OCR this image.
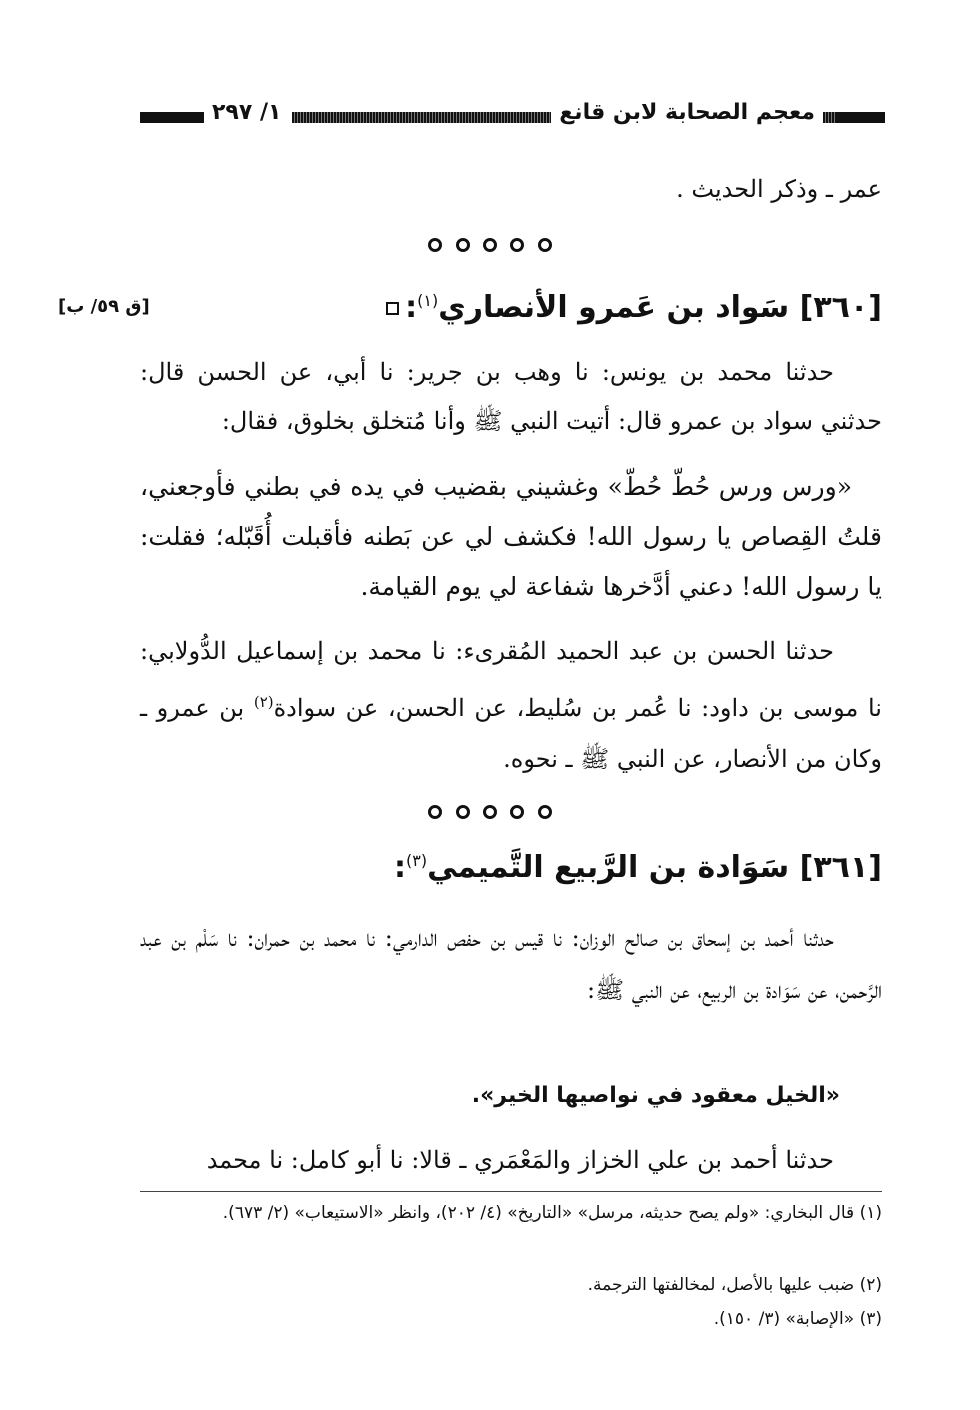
معجم الصحابة لابن قانع
١/ ٢٩٧
عمر ـ وذكر الحديث .

[٣٦٠] سَواد بن عَمرو الأنصاري$^{(١)}$:
[ق ٥٩/ ب]
حدثنا محمد بن يونس: نا وهب بن جرير: نا أبي، عن الحسن قال: حدثني سواد بن عمرو قال: أتيت النبي ﷺ وأنا مُتخلق بخلوق، فقال:
«ورس ورس حُطّ حُطّ» وغشيني بقضيب في يده في بطني فأوجعني، قلتُ القِصاص يا رسول الله! فكشف لي عن بَطنه فأقبلت أُقَبّله؛ فقلت: يا رسول الله! دعني أدَّخرها شفاعة لي يوم القيامة.
حدثنا الحسن بن عبد الحميد المُقرىء: نا محمد بن إسماعيل الدُّولابي: نا موسى بن داود: نا عُمر بن سُليط، عن الحسن، عن سوادة$^{(٢)}$ بن عمرو ـ وكان من الأنصار، عن النبي ﷺ ـ نحوه.

[٣٦١] سَوَادة بن الرَّبيع التَّميمي$^{(٣)}$:
حدثنا أحمد بن إسحاق بن صالح الوزان: نا قيس بن حفص الدارمي: نا محمد بن حمران: نا سَلْم بن عبد الرَّحمن، عن سَوَادة بن الربيع، عن النبي ﷺ:
«الخيل معقود في نواصيها الخير».
حدثنا أحمد بن علي الخزاز والمَعْمَري ـ قالا: نا أبو كامل: نا محمد
(١) قال البخاري: «ولم يصح حديثه، مرسل» «التاريخ» (٤/ ٢٠٢)، وانظر «الاستيعاب» (٢/ ٦٧٣).
(٢) ضبب عليها بالأصل، لمخالفتها الترجمة.
(٣) «الإصابة» (٣/ ١٥٠).
